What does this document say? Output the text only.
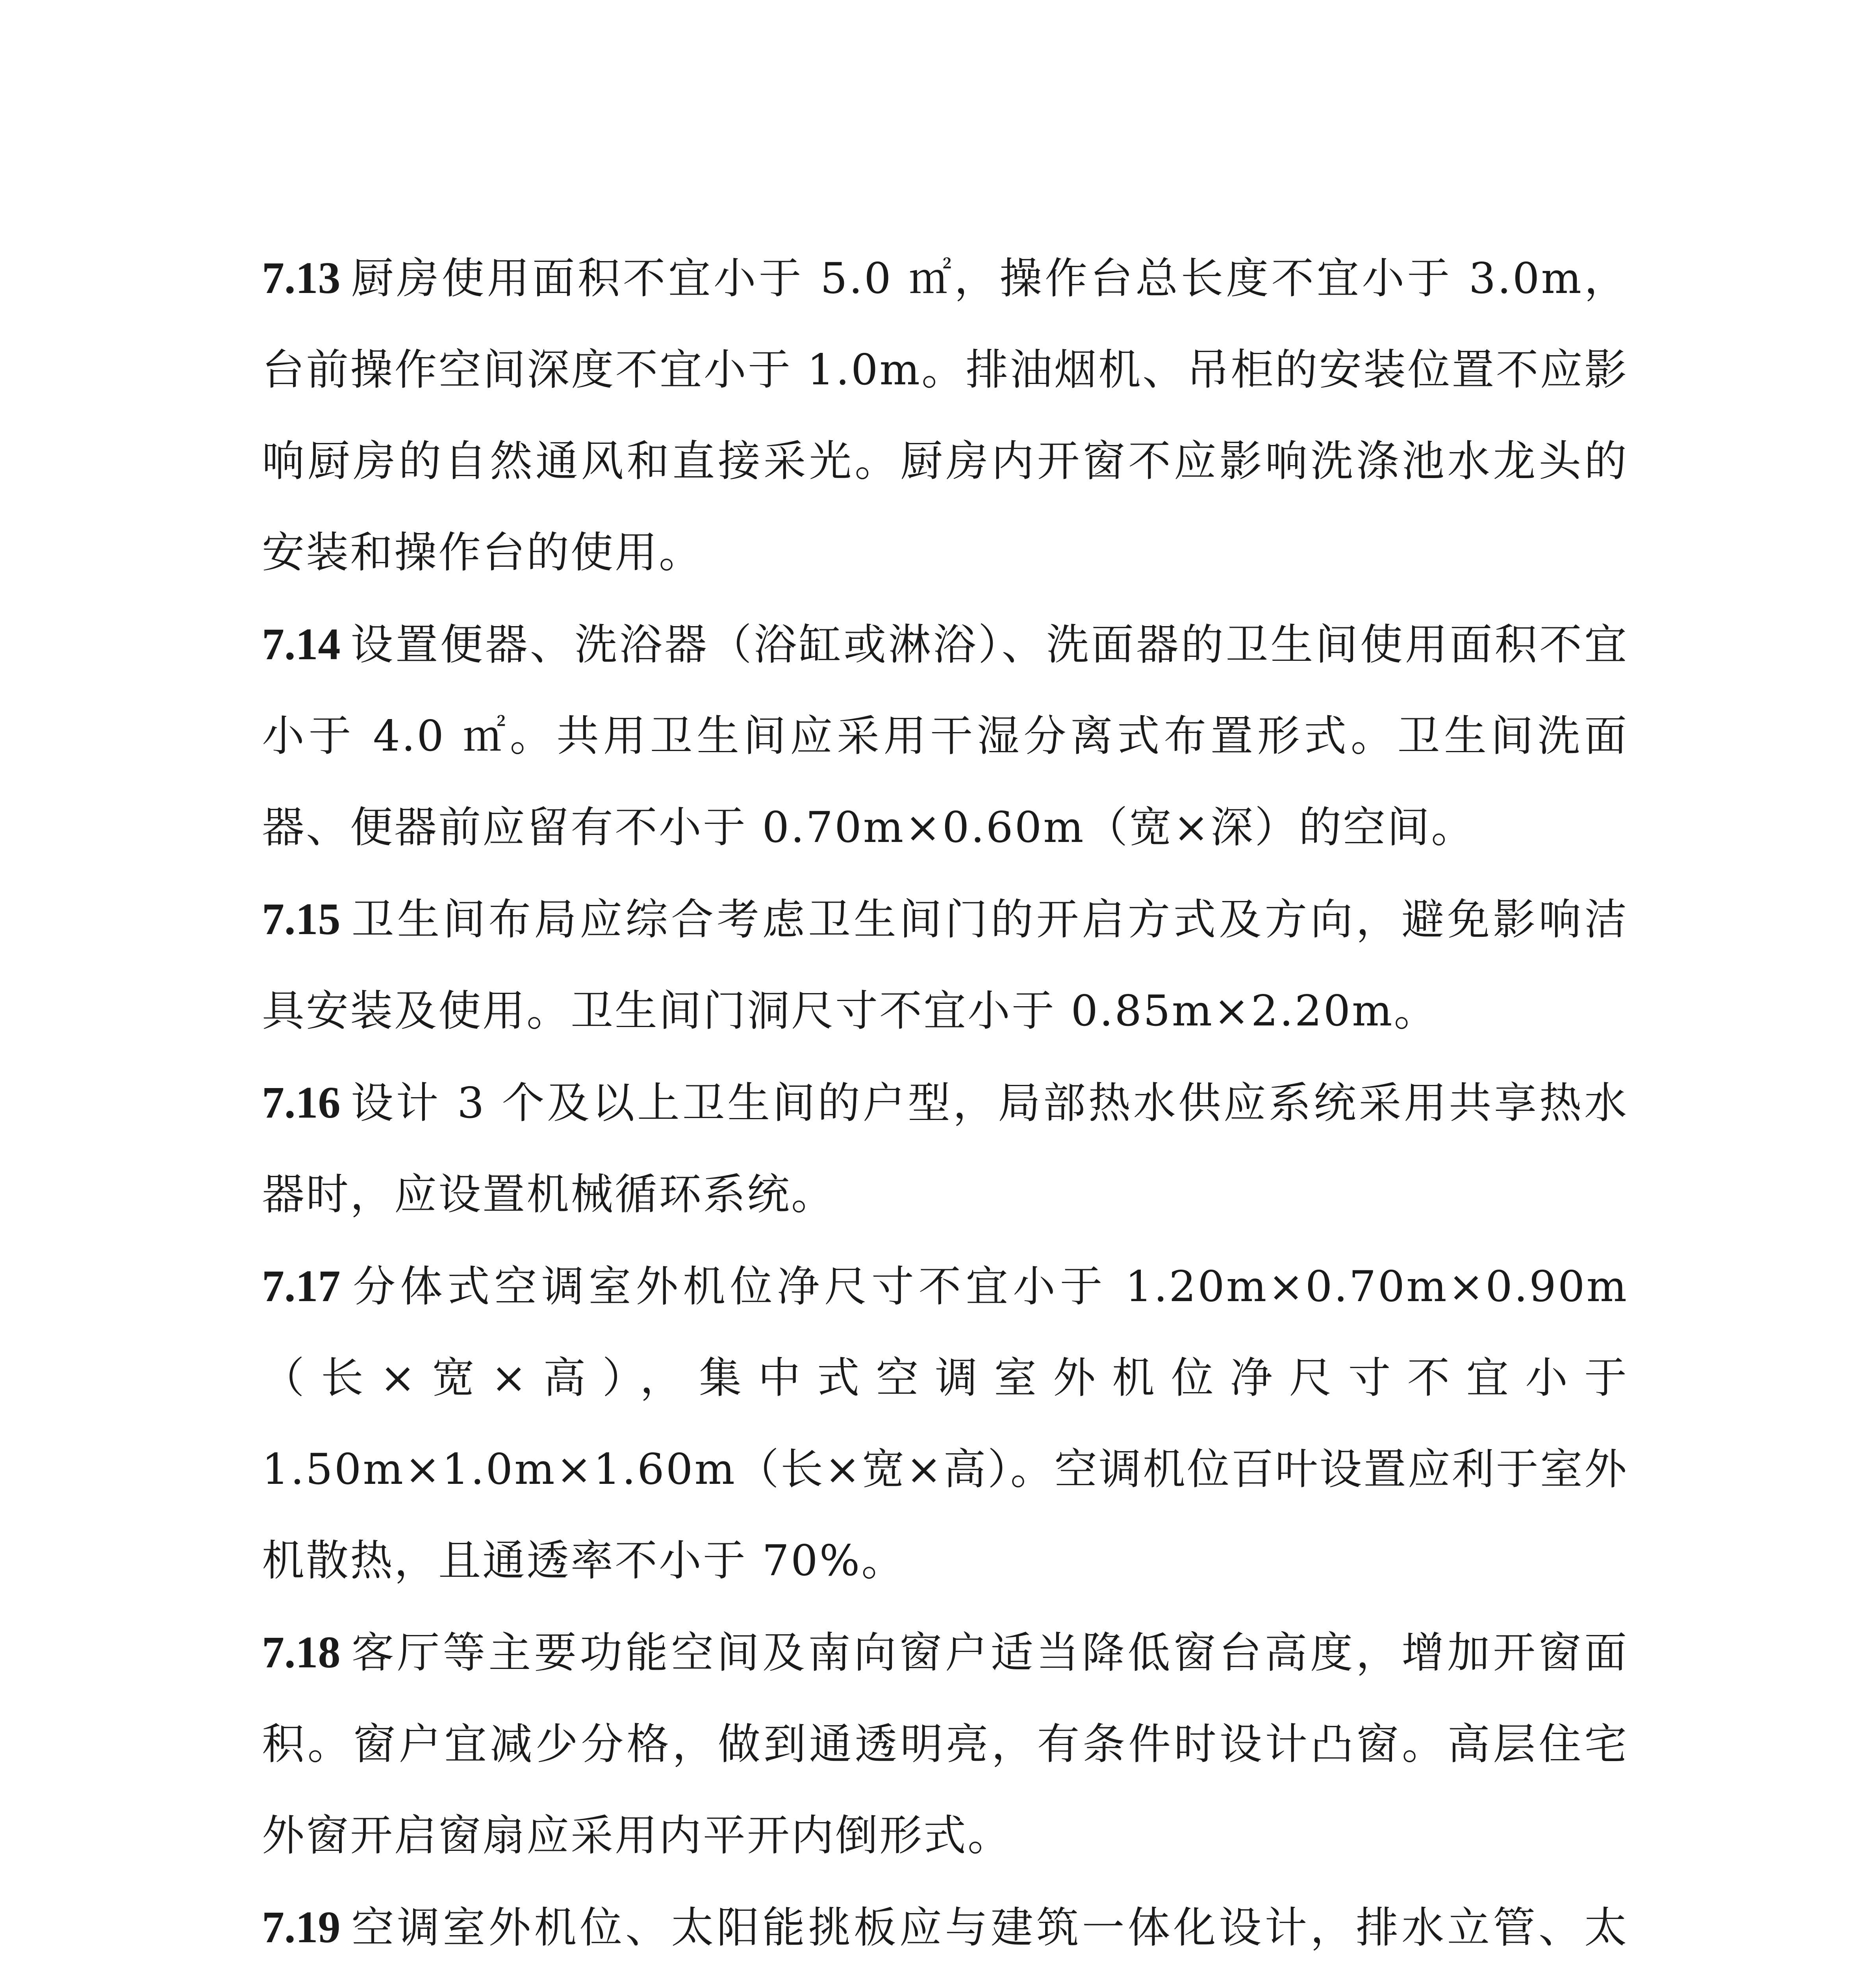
7.13 厨房使用面积不宜小于 5.0 ㎡，操作台总长度不宜小于 3.0m，台前操作空间深度不宜小于 1.0m。排油烟机、吊柜的安装位置不应影响厨房的自然通风和直接采光。厨房内开窗不应影响洗涤池水龙头的安装和操作台的使用。

7.14 设置便器、洗浴器（浴缸或淋浴）、洗面器的卫生间使用面积不宜小于 4.0 ㎡。共用卫生间应采用干湿分离式布置形式。卫生间洗面器、便器前应留有不小于 0.70m×0.60m（宽×深）的空间。

7.15 卫生间布局应综合考虑卫生间门的开启方式及方向，避免影响洁具安装及使用。卫生间门洞尺寸不宜小于 0.85m×2.20m。

7.16 设计 3 个及以上卫生间的户型，局部热水供应系统采用共享热水器时，应设置机械循环系统。

7.17 分体式空调室外机位净尺寸不宜小于 1.20m×0.70m×0.90m（长×宽×高），集中式空调室外机位净尺寸不宜小于 1.50m×1.0m×1.60m（长×宽×高）。空调机位百叶设置应利于室外机散热，且通透率不小于 70%。

7.18 客厅等主要功能空间及南向窗户适当降低窗台高度，增加开窗面积。窗户宜减少分格，做到通透明亮，有条件时设计凸窗。高层住宅外窗开启窗扇应采用内平开内倒形式。

7.19 空调室外机位、太阳能挑板应与建筑一体化设计，排水立管、太
